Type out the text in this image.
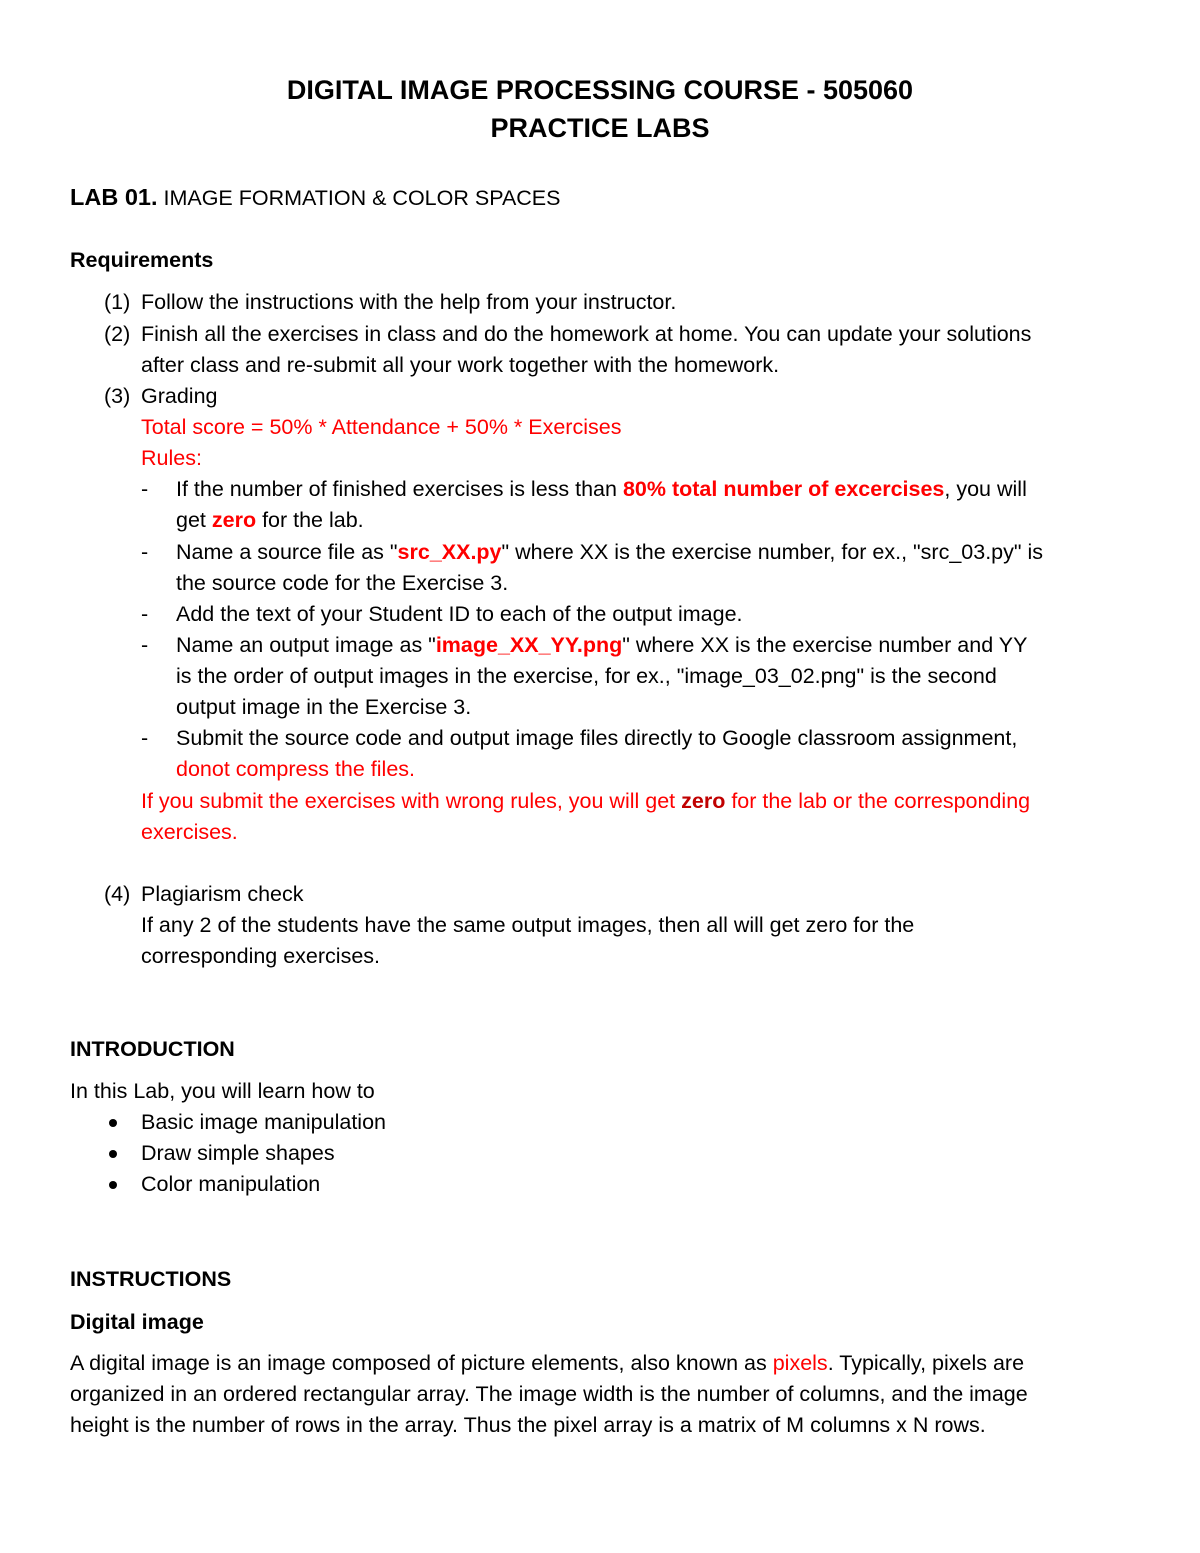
DIGITAL IMAGE PROCESSING COURSE - 505060
PRACTICE LABS
LAB 01. IMAGE FORMATION & COLOR SPACES
Requirements
(1) Follow the instructions with the help from your instructor.
(2) Finish all the exercises in class and do the homework at home. You can update your solutions
after class and re-submit all your work together with the homework.
(3) Grading
Total score = 50% * Attendance + 50% * Exercises
Rules:
- If the number of finished exercises is less than 80% total number of excercises, you will
get zero for the lab.
- Name a source file as "src_XX.py" where XX is the exercise number, for ex., "src_03.py" is
the source code for the Exercise 3.
- Add the text of your Student ID to each of the output image.
- Name an output image as "image_XX_YY.png" where XX is the exercise number and YY
is the order of output images in the exercise, for ex., "image_03_02.png" is the second
output image in the Exercise 3.
- Submit the source code and output image files directly to Google classroom assignment,
donot compress the files.
If you submit the exercises with wrong rules, you will get zero for the lab or the corresponding
exercises.
(4) Plagiarism check
If any 2 of the students have the same output images, then all will get zero for the
corresponding exercises.
INTRODUCTION
In this Lab, you will learn how to
Basic image manipulation
Draw simple shapes
Color manipulation
INSTRUCTIONS
Digital image
A digital image is an image composed of picture elements, also known as pixels. Typically, pixels are
organized in an ordered rectangular array. The image width is the number of columns, and the image
height is the number of rows in the array. Thus the pixel array is a matrix of M columns x N rows.
